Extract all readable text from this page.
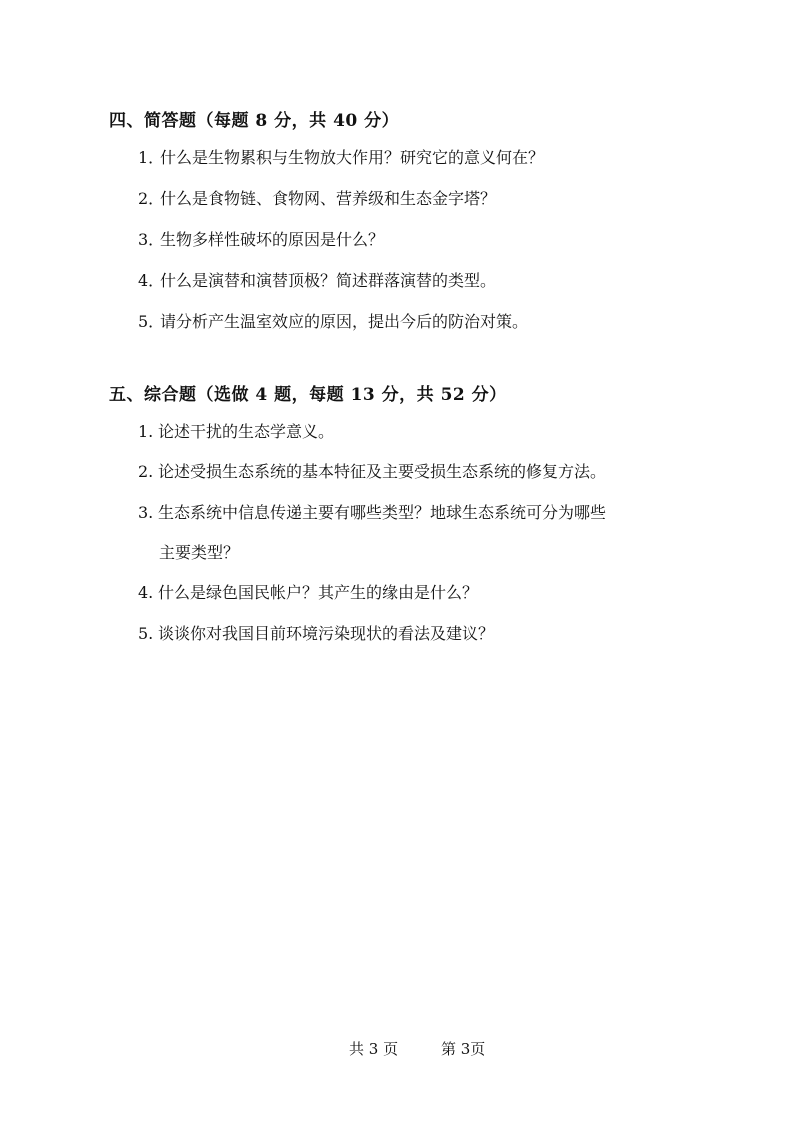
四、简答题（每题 8 分，共 40 分）
1．什么是生物累积与生物放大作用？研究它的意义何在？
2．什么是食物链、食物网、营养级和生态金字塔？
3．生物多样性破坏的原因是什么？
4．什么是演替和演替顶极？简述群落演替的类型。
5．请分析产生温室效应的原因，提出今后的防治对策。
五、综合题（选做 4 题，每题 13 分，共 52 分）
1. 论述干扰的生态学意义。
2. 论述受损生态系统的基本特征及主要受损生态系统的修复方法。
3. 生态系统中信息传递主要有哪些类型？地球生态系统可分为哪些
主要类型？
4. 什么是绿色国民帐户？其产生的缘由是什么？
5. 谈谈你对我国目前环境污染现状的看法及建议？
共 3 页	第 3页
